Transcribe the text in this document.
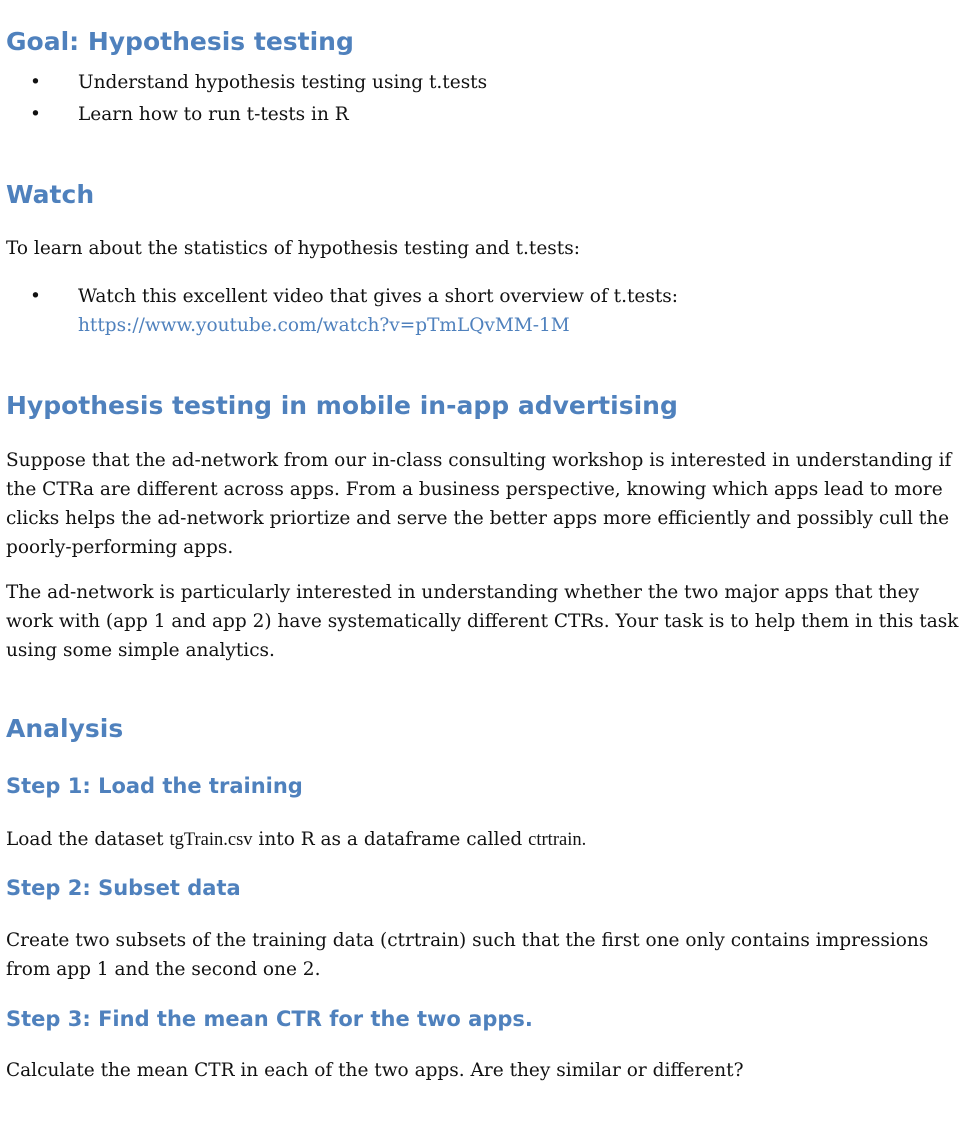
Goal: Hypothesis testing
• Understand hypothesis testing using t.tests
• Learn how to run t-tests in R
Watch

To learn about the statistics of hypothesis testing and t.tests:

• Watch this excellent video that gives a short overview of t.tests:
https://www.youtube.com/watch?v=pTmLQvMM-1M
Hypothesis testing in mobile in-app advertising

Suppose that the ad-network from our in-class consulting workshop is interested in understanding if the CTRa are different across apps. From a business perspective, knowing which apps lead to more clicks helps the ad-network priortize and serve the better apps more efficiently and possibly cull the poorly-performing apps.

The ad-network is particularly interested in understanding whether the two major apps that they work with (app 1 and app 2) have systematically different CTRs. Your task is to help them in this task using some simple analytics.

Analysis
Step 1: Load the training

Load the dataset tgTrain.csv into R as a dataframe called ctrtrain.

Step 2: Subset data

Create two subsets of the training data (ctrtrain) such that the first one only contains impressions from app 1 and the second one 2.

Step 3: Find the mean CTR for the two apps.

Calculate the mean CTR in each of the two apps. Are they similar or different?
